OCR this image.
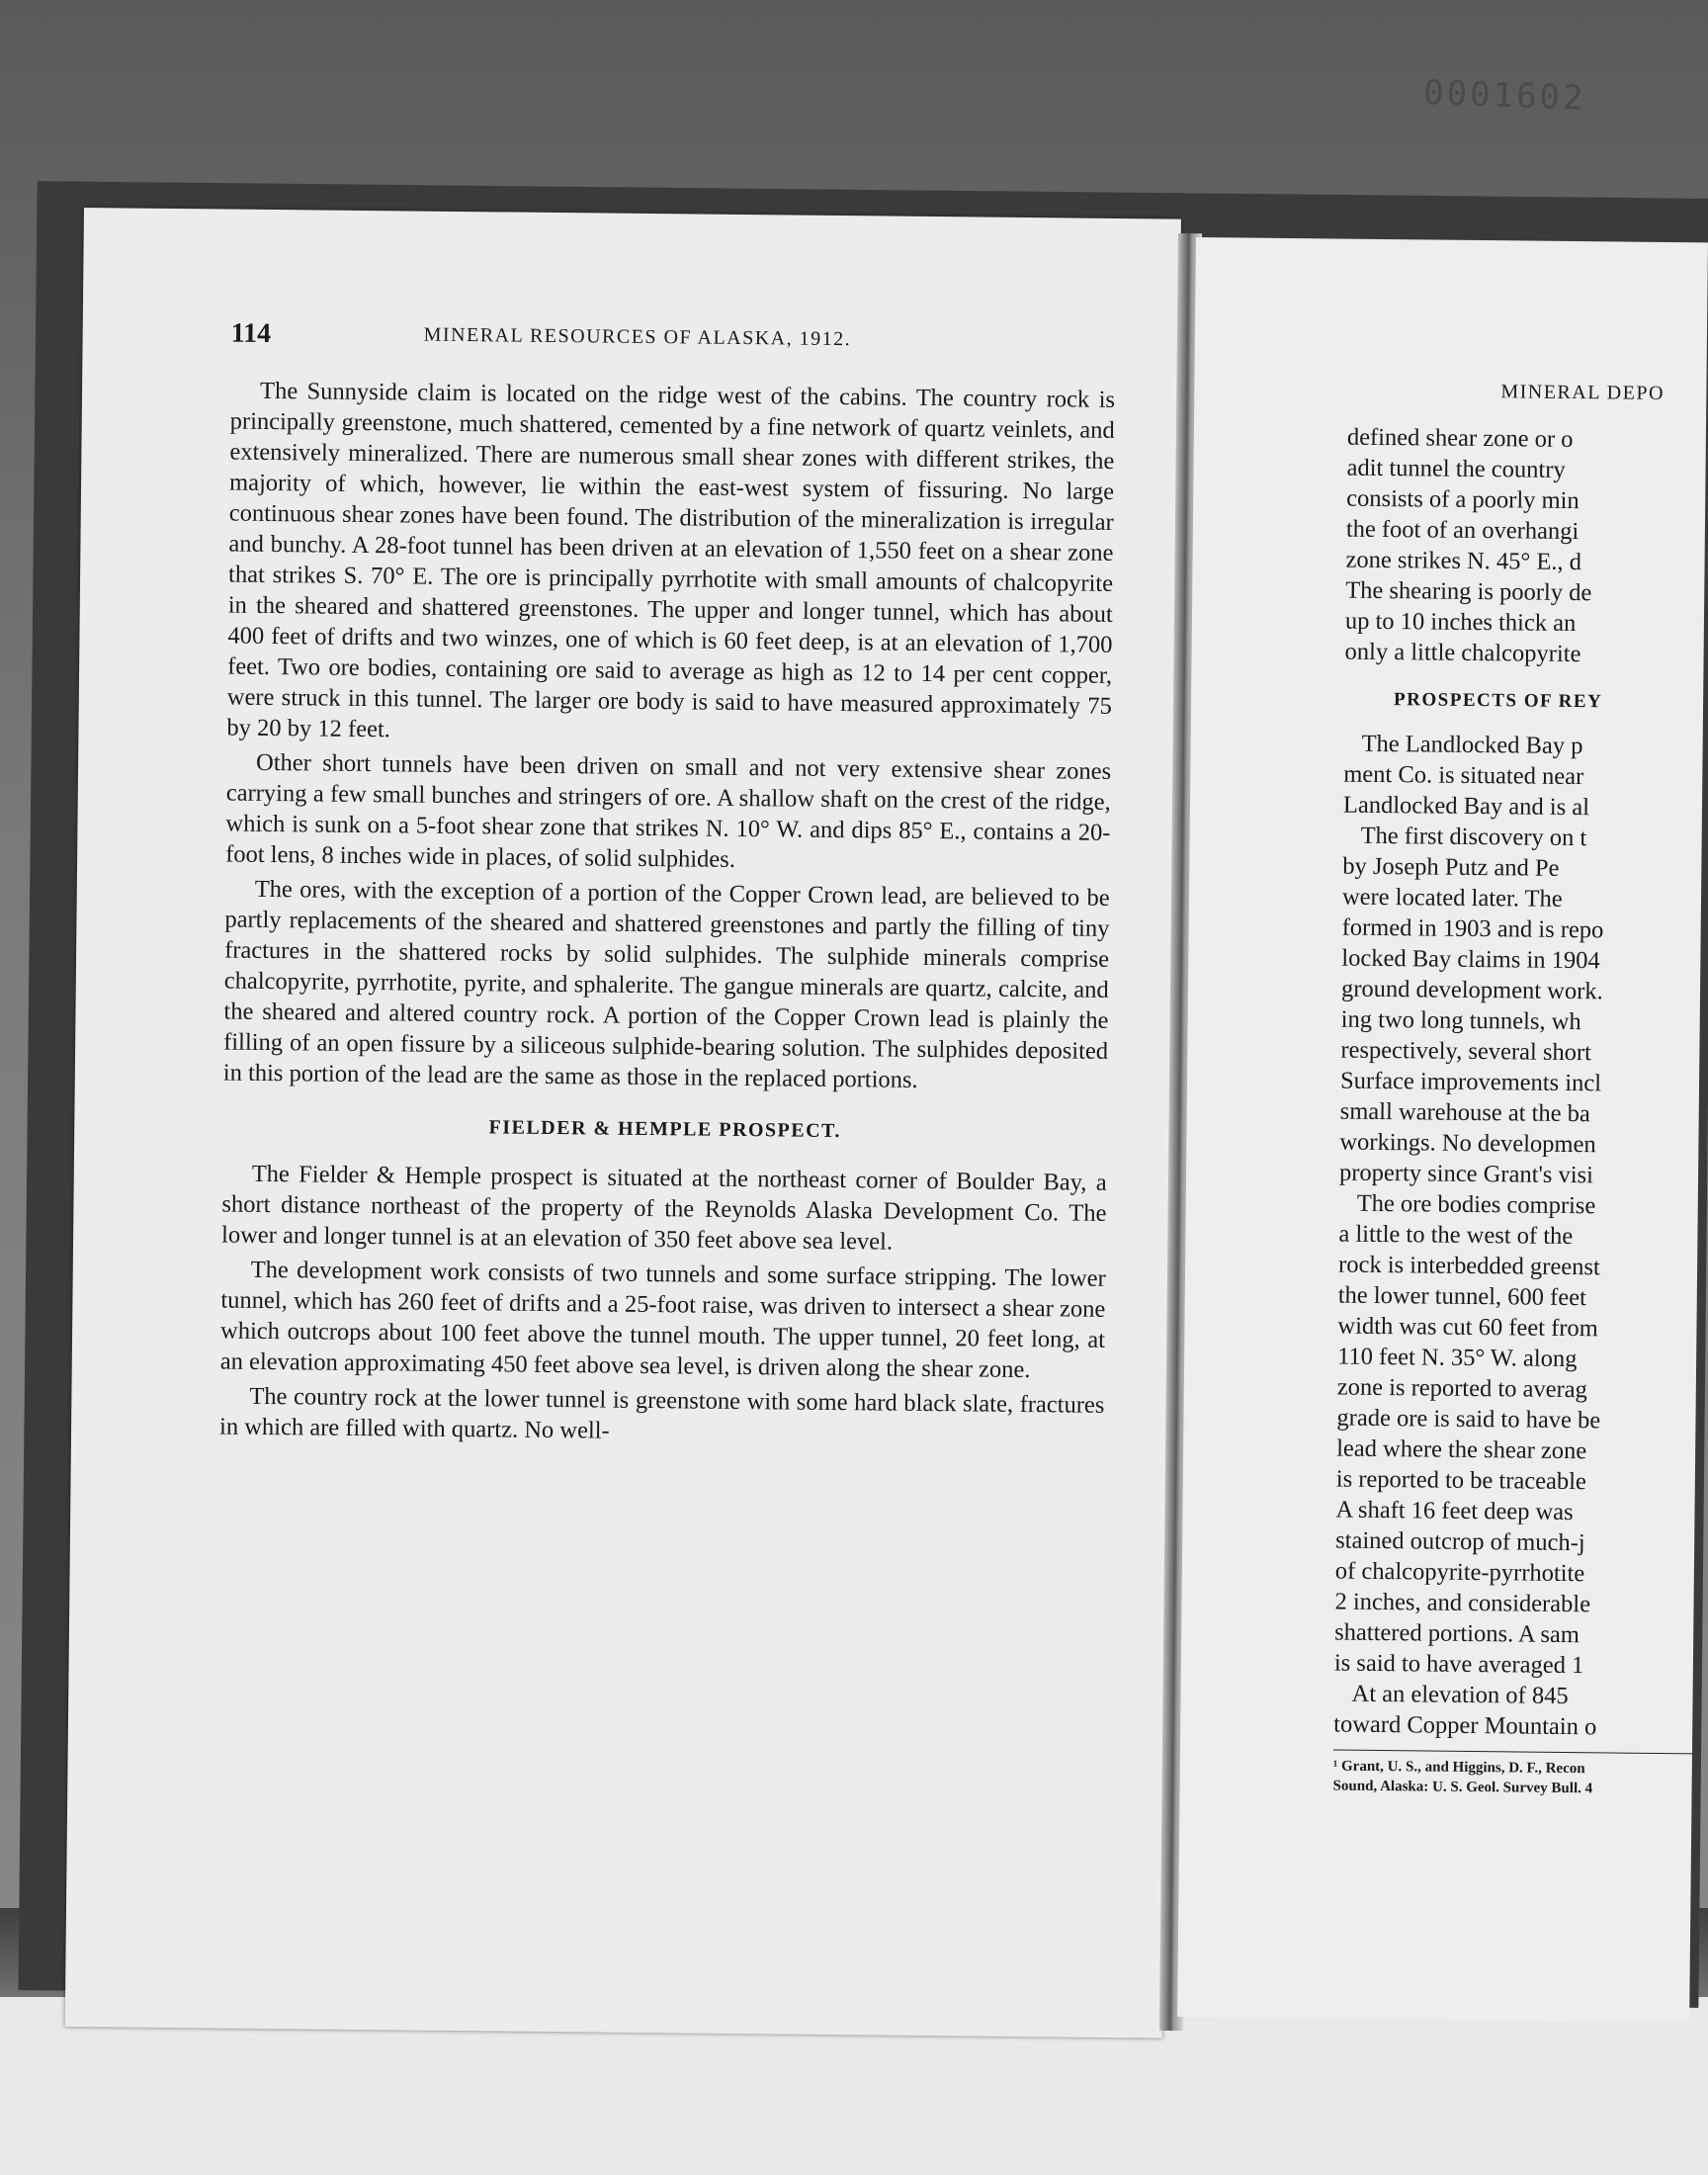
0001602
114	MINERAL RESOURCES OF ALASKA, 1912.

The Sunnyside claim is located on the ridge west of the cabins. The country rock is principally greenstone, much shattered, cemented by a fine network of quartz veinlets, and extensively mineralized. There are numerous small shear zones with different strikes, the majority of which, however, lie within the east-west system of fissuring. No large continuous shear zones have been found. The distribution of the mineralization is irregular and bunchy. A 28-foot tunnel has been driven at an elevation of 1,550 feet on a shear zone that strikes S. 70° E. The ore is principally pyrrhotite with small amounts of chalcopyrite in the sheared and shattered greenstones. The upper and longer tunnel, which has about 400 feet of drifts and two winzes, one of which is 60 feet deep, is at an elevation of 1,700 feet. Two ore bodies, containing ore said to average as high as 12 to 14 per cent copper, were struck in this tunnel. The larger ore body is said to have measured approximately 75 by 20 by 12 feet.

Other short tunnels have been driven on small and not very extensive shear zones carrying a few small bunches and stringers of ore. A shallow shaft on the crest of the ridge, which is sunk on a 5-foot shear zone that strikes N. 10° W. and dips 85° E., contains a 20-foot lens, 8 inches wide in places, of solid sulphides.

The ores, with the exception of a portion of the Copper Crown lead, are believed to be partly replacements of the sheared and shattered greenstones and partly the filling of tiny fractures in the shattered rocks by solid sulphides. The sulphide minerals comprise chalcopyrite, pyrrhotite, pyrite, and sphalerite. The gangue minerals are quartz, calcite, and the sheared and altered country rock. A portion of the Copper Crown lead is plainly the filling of an open fissure by a siliceous sulphide-bearing solution. The sulphides deposited in this portion of the lead are the same as those in the replaced portions.

FIELDER & HEMPLE PROSPECT.

The Fielder & Hemple prospect is situated at the northeast corner of Boulder Bay, a short distance northeast of the property of the Reynolds Alaska Development Co. The lower and longer tunnel is at an elevation of 350 feet above sea level.

The development work consists of two tunnels and some surface stripping. The lower tunnel, which has 260 feet of drifts and a 25-foot raise, was driven to intersect a shear zone which outcrops about 100 feet above the tunnel mouth. The upper tunnel, 20 feet long, at an elevation approximating 450 feet above sea level, is driven along the shear zone.

The country rock at the lower tunnel is greenstone with some hard black slate, fractures in which are filled with quartz. No well-

MINERAL DEPO

defined shear zone or o

adit tunnel the country

consists of a poorly min

the foot of an overhangi

zone strikes N. 45° E., d

The shearing is poorly de

up to 10 inches thick an

only a little chalcopyrite

PROSPECTS OF REY

The Landlocked Bay p

ment Co. is situated near

Landlocked Bay and is al

The first discovery on t

by Joseph Putz and Pe

were located later. The

formed in 1903 and is repo

locked Bay claims in 1904

ground development work.

ing two long tunnels, wh

respectively, several short

Surface improvements incl

small warehouse at the ba

workings. No developmen

property since Grant's visi

The ore bodies comprise

a little to the west of the

rock is interbedded greenst

the lower tunnel, 600 feet

width was cut 60 feet from

110 feet N. 35° W. along

zone is reported to averag

grade ore is said to have be

lead where the shear zone

is reported to be traceable

A shaft 16 feet deep was

stained outcrop of much-j

of chalcopyrite-pyrrhotite

2 inches, and considerable

shattered portions. A sam

is said to have averaged 1

At an elevation of 845

toward Copper Mountain o

¹ Grant, U. S., and Higgins, D. F., Recon
Sound, Alaska: U. S. Geol. Survey Bull. 4
